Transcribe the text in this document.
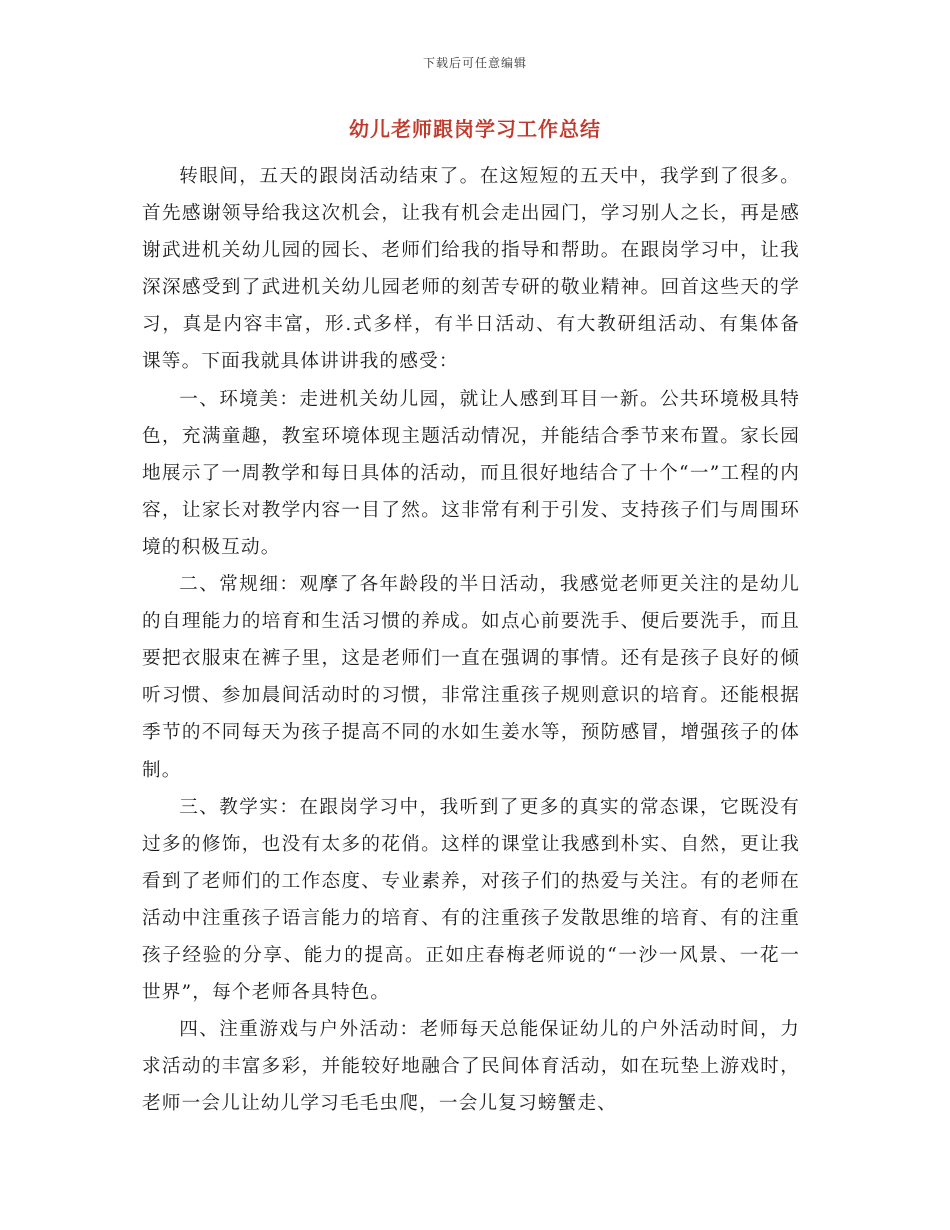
下载后可任意编辑
幼儿老师跟岗学习工作总结

转眼间，五天的跟岗活动结束了。在这短短的五天中，我学到了很多。首先感谢领导给我这次机会，让我有机会走出园门，学习别人之长，再是感谢武进机关幼儿园的园长、老师们给我的指导和帮助。在跟岗学习中，让我深深感受到了武进机关幼儿园老师的刻苦专研的敬业精神。回首这些天的学习，真是内容丰富，形.式多样，有半日活动、有大教研组活动、有集体备课等。下面我就具体讲讲我的感受：

一、环境美：走进机关幼儿园，就让人感到耳目一新。公共环境极具特色，充满童趣，教室环境体现主题活动情况，并能结合季节来布置。家长园地展示了一周教学和每日具体的活动，而且很好地结合了十个“一”工程的内容，让家长对教学内容一目了然。这非常有利于引发、支持孩子们与周围环境的积极互动。

二、常规细：观摩了各年龄段的半日活动，我感觉老师更关注的是幼儿的自理能力的培育和生活习惯的养成。如点心前要洗手、便后要洗手，而且要把衣服束在裤子里，这是老师们一直在强调的事情。还有是孩子良好的倾听习惯、参加晨间活动时的习惯，非常注重孩子规则意识的培育。还能根据季节的不同每天为孩子提高不同的水如生姜水等，预防感冒，增强孩子的体制。

三、教学实：在跟岗学习中，我听到了更多的真实的常态课，它既没有过多的修饰，也没有太多的花俏。这样的课堂让我感到朴实、自然，更让我看到了老师们的工作态度、专业素养，对孩子们的热爱与关注。有的老师在活动中注重孩子语言能力的培育、有的注重孩子发散思维的培育、有的注重孩子经验的分享、能力的提高。正如庄春梅老师说的“一沙一风景、一花一世界”，每个老师各具特色。

四、注重游戏与户外活动：老师每天总能保证幼儿的户外活动时间，力求活动的丰富多彩，并能较好地融合了民间体育活动，如在玩垫上游戏时，老师一会儿让幼儿学习毛毛虫爬，一会儿复习螃蟹走、
